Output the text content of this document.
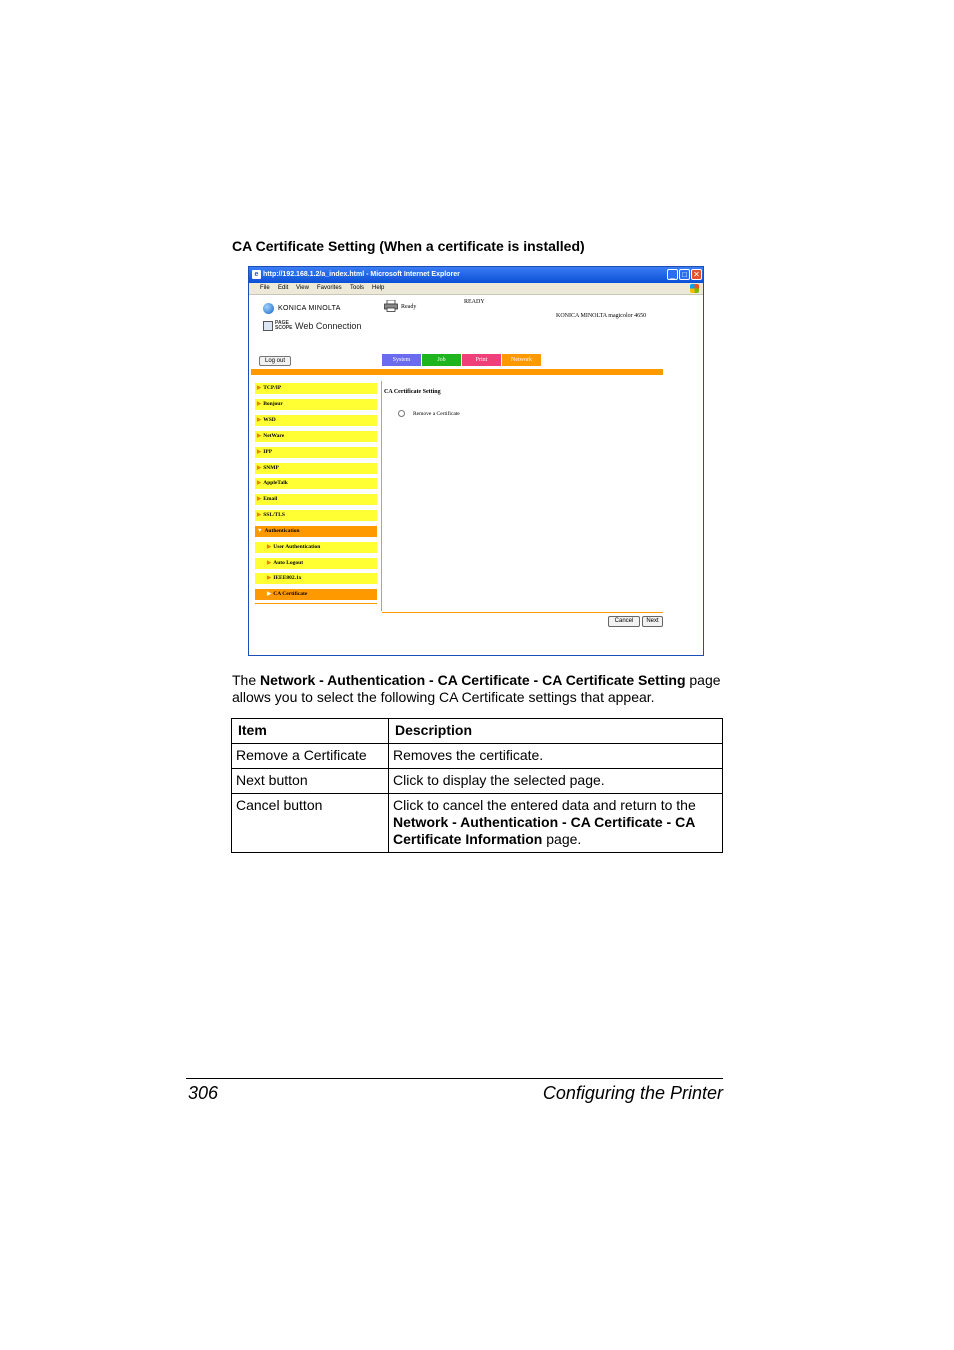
CA Certificate Setting (When a certificate is installed)
e http://192.168.1.2/a_index.html - Microsoft Internet Explorer	_ □ ✕
File Edit View Favorites Tools Help
KONICA MINOLTA
PAGE SCOPE Web Connection
Ready
READY
KONICA MINOLTA magicolor 4650
Log out	System	Job	Print	Network
▶ TCP/IP
▶ Bonjour
▶ WSD
▶ NetWare
▶ IPP
▶ SNMP
▶ AppleTalk
▶ Email
▶ SSL/TLS
▼ Authentication
▶ User Authentication
▶ Auto Logout
▶ IEEE802.1x
▶ CA Certificate
CA Certificate Setting
Remove a Certificate
Cancel	Next
The Network - Authentication - CA Certificate - CA Certificate Setting page allows you to select the following CA Certificate settings that appear.
Item	Description
Remove a Certificate	Removes the certificate.
Next button	Click to display the selected page.
Cancel button	Click to cancel the entered data and return to the Network - Authentication - CA Certificate - CA Certificate Information page.
306	Configuring the Printer
